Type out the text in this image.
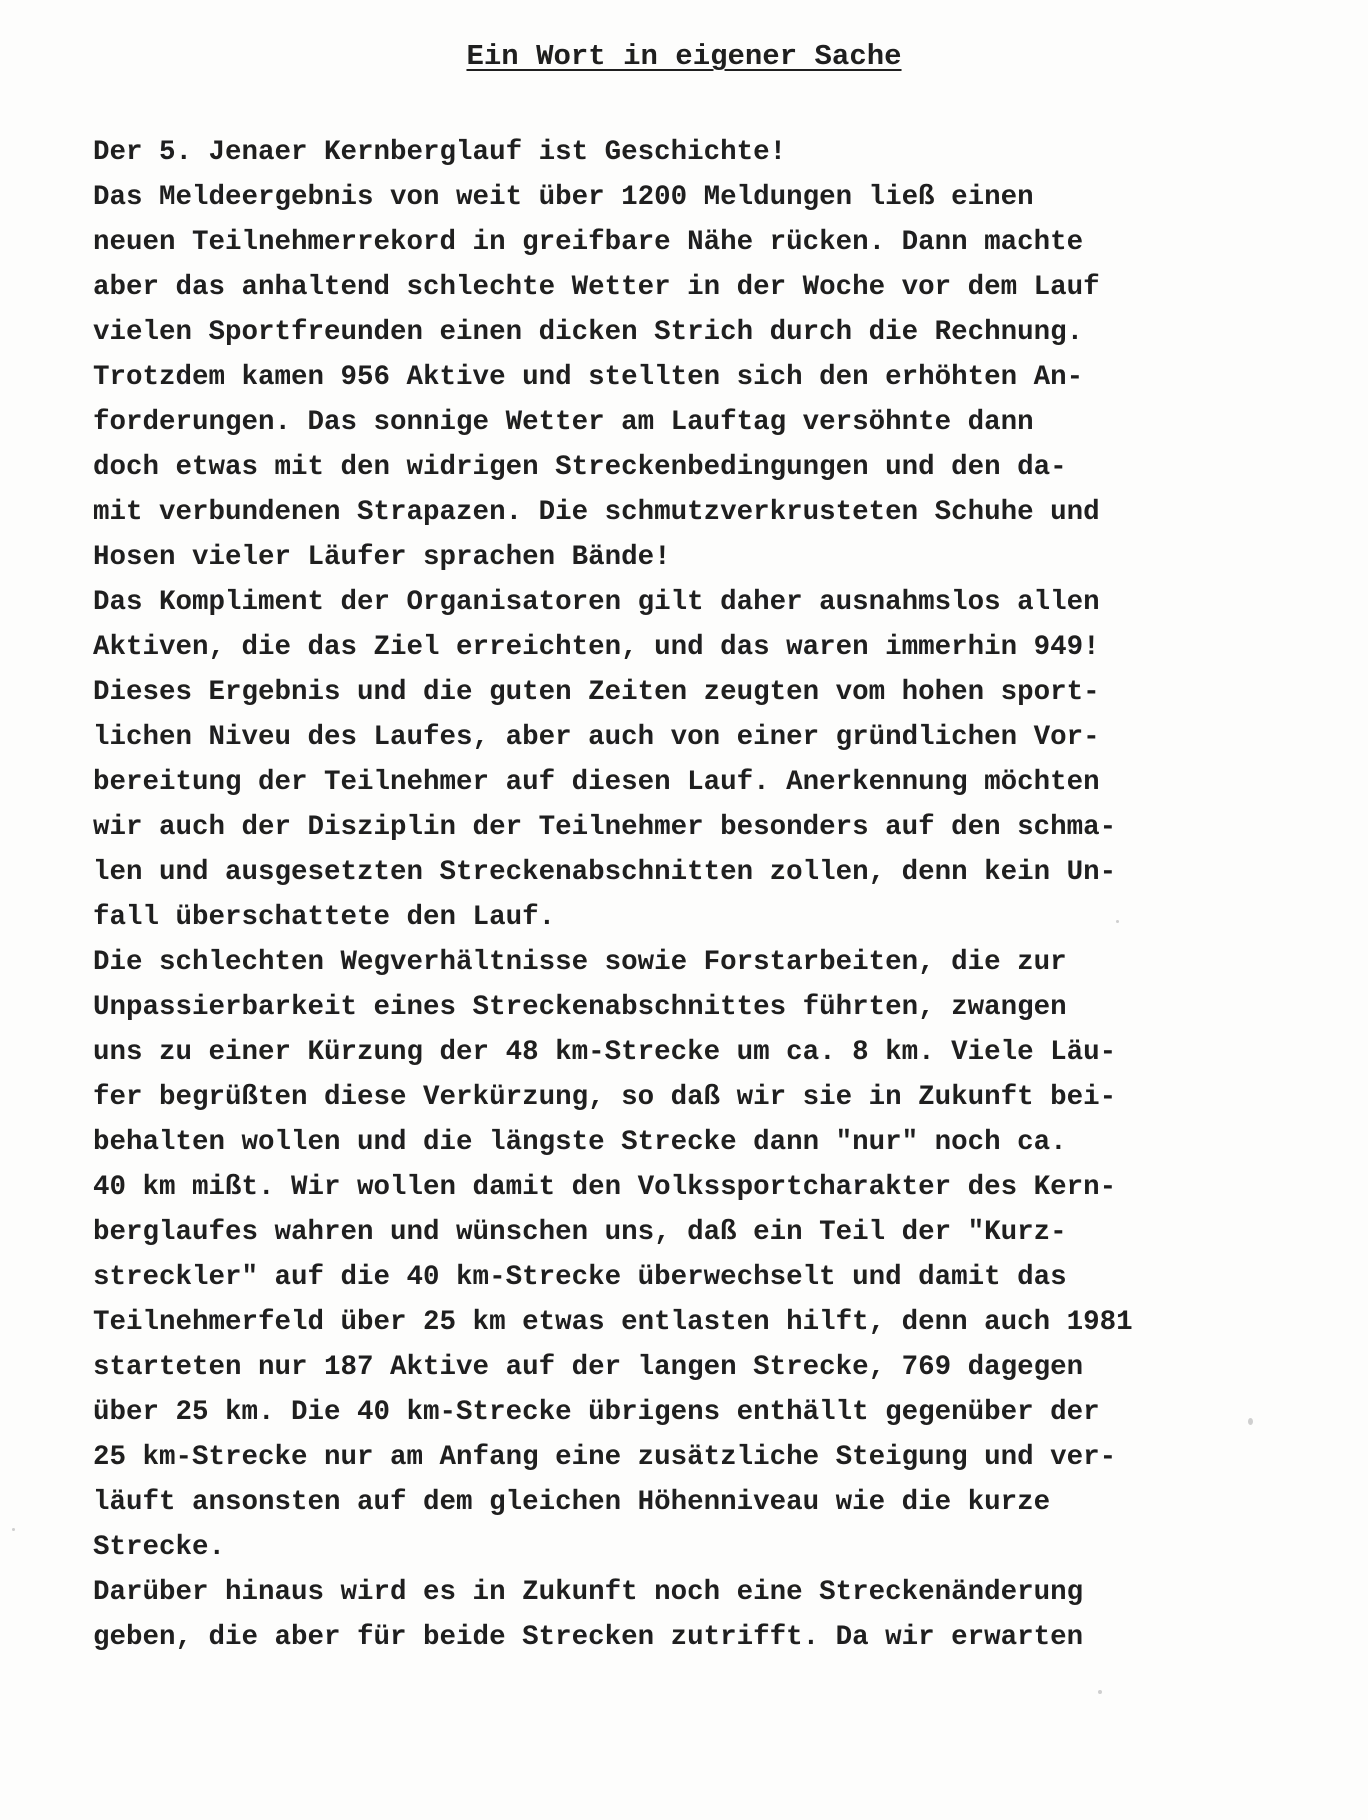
Ein Wort in eigener Sache
Der 5. Jenaer Kernberglauf ist Geschichte!
Das Meldeergebnis von weit über 1200 Meldungen ließ einen
neuen Teilnehmerrekord in greifbare Nähe rücken. Dann machte
aber das anhaltend schlechte Wetter in der Woche vor dem Lauf
vielen Sportfreunden einen dicken Strich durch die Rechnung.
Trotzdem kamen 956 Aktive und stellten sich den erhöhten An-
forderungen. Das sonnige Wetter am Lauftag versöhnte dann
doch etwas mit den widrigen Streckenbedingungen und den da-
mit verbundenen Strapazen. Die schmutzverkrusteten Schuhe und
Hosen vieler Läufer sprachen Bände!
Das Kompliment der Organisatoren gilt daher ausnahmslos allen
Aktiven, die das Ziel erreichten, und das waren immerhin 949!
Dieses Ergebnis und die guten Zeiten zeugten vom hohen sport-
lichen Niveu des Laufes, aber auch von einer gründlichen Vor-
bereitung der Teilnehmer auf diesen Lauf. Anerkennung möchten
wir auch der Disziplin der Teilnehmer besonders auf den schma-
len und ausgesetzten Streckenabschnitten zollen, denn kein Un-
fall überschattete den Lauf.
Die schlechten Wegverhältnisse sowie Forstarbeiten, die zur
Unpassierbarkeit eines Streckenabschnittes führten, zwangen
uns zu einer Kürzung der 48 km-Strecke um ca. 8 km. Viele Läu-
fer begrüßten diese Verkürzung, so daß wir sie in Zukunft bei-
behalten wollen und die längste Strecke dann "nur" noch ca.
40 km mißt. Wir wollen damit den Volkssportcharakter des Kern-
berglaufes wahren und wünschen uns, daß ein Teil der "Kurz-
streckler" auf die 40 km-Strecke überwechselt und damit das
Teilnehmerfeld über 25 km etwas entlasten hilft, denn auch 1981
starteten nur 187 Aktive auf der langen Strecke, 769 dagegen
über 25 km. Die 40 km-Strecke übrigens enthällt gegenüber der
25 km-Strecke nur am Anfang eine zusätzliche Steigung und ver-
läuft ansonsten auf dem gleichen Höhenniveau wie die kurze
Strecke.
Darüber hinaus wird es in Zukunft noch eine Streckenänderung
geben, die aber für beide Strecken zutrifft. Da wir erwarten
